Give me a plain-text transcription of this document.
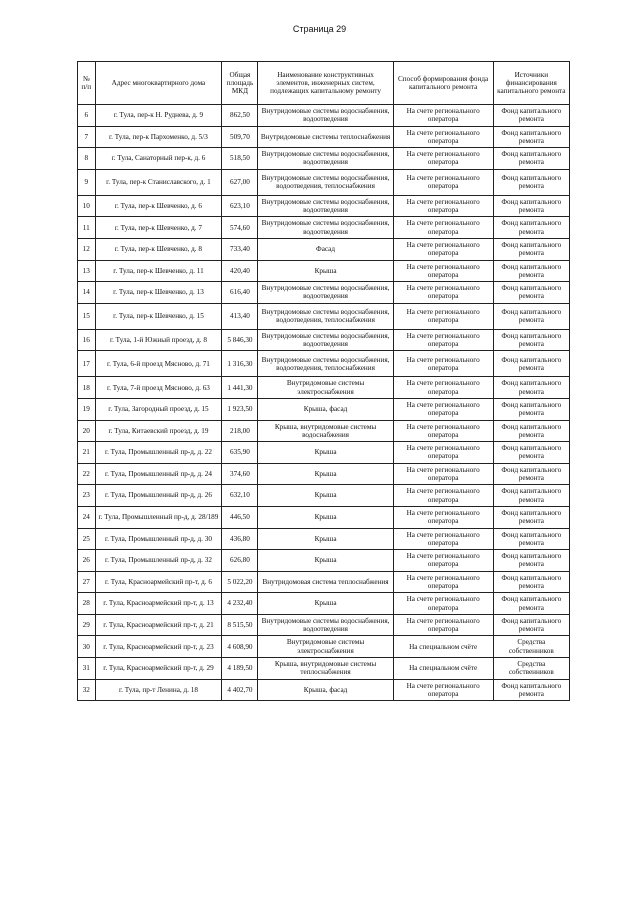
Страница 29
№ п/п	Адрес многоквартирного дома	Общая площадь МКД	Наименование конструктивных элементов, инженерных систем, подлежащих капитальному ремонту	Способ формирования фонда капитального ремонта	Источники финансирования капитального ремонта
6	г. Тула, пер-к Н. Руднева, д. 9	862,50	Внутридомовые системы водоснабжения, водоотведения	На счете регионального оператора	Фонд капитального ремонта
7	г. Тула, пер-к Пархоменко, д. 5/3	509,70	Внутридомовые системы теплоснабжения	На счете регионального оператора	Фонд капитального ремонта
8	г. Тула, Санаторный пер-к, д. 6	518,50	Внутридомовые системы водоснабжения, водоотведения	На счете регионального оператора	Фонд капитального ремонта
9	г. Тула, пер-к Станиславского, д. 1	627,00	Внутридомовые системы водоснабжения, водоотведения, теплоснабжения	На счете регионального оператора	Фонд капитального ремонта
10	г. Тула, пер-к Шевченко, д. 6	623,10	Внутридомовые системы водоснабжения, водоотведения	На счете регионального оператора	Фонд капитального ремонта
11	г. Тула, пер-к Шевченко, д. 7	574,60	Внутридомовые системы водоснабжения, водоотведения	На счете регионального оператора	Фонд капитального ремонта
12	г. Тула, пер-к Шевченко, д. 8	733,40	Фасад	На счете регионального оператора	Фонд капитального ремонта
13	г. Тула, пер-к Шевченко, д. 11	420,40	Крыша	На счете регионального оператора	Фонд капитального ремонта
14	г. Тула, пер-к Шевченко, д. 13	616,40	Внутридомовые системы водоснабжения, водоотведения	На счете регионального оператора	Фонд капитального ремонта
15	г. Тула, пер-к Шевченко, д. 15	413,40	Внутридомовые системы водоснабжения, водоотведения, теплоснабжения	На счете регионального оператора	Фонд капитального ремонта
16	г. Тула, 1-й Южный проезд, д. 8	5 846,30	Внутридомовые системы водоснабжения, водоотведения	На счете регионального оператора	Фонд капитального ремонта
17	г. Тула, 6-й проезд Мясново, д. 71	1 316,30	Внутридомовые системы водоснабжения, водоотведения, теплоснабжения	На счете регионального оператора	Фонд капитального ремонта
18	г. Тула, 7-й проезд Мясново, д. 63	1 441,30	Внутридомовые системы электроснабжения	На счете регионального оператора	Фонд капитального ремонта
19	г. Тула, Загородный проезд, д. 15	1 923,50	Крыша, фасад	На счете регионального оператора	Фонд капитального ремонта
20	г. Тула, Китаевский проезд, д. 19	218,00	Крыша, внутридомовые системы водоснабжения	На счете регионального оператора	Фонд капитального ремонта
21	г. Тула, Промышленный пр-д, д. 22	635,90	Крыша	На счете регионального оператора	Фонд капитального ремонта
22	г. Тула, Промышленный пр-д, д. 24	374,60	Крыша	На счете регионального оператора	Фонд капитального ремонта
23	г. Тула, Промышленный пр-д, д. 26	632,10	Крыша	На счете регионального оператора	Фонд капитального ремонта
24	г. Тула, Промышленный пр-д, д. 28/189	446,50	Крыша	На счете регионального оператора	Фонд капитального ремонта
25	г. Тула, Промышленный пр-д, д. 30	436,80	Крыша	На счете регионального оператора	Фонд капитального ремонта
26	г. Тула, Промышленный пр-д, д. 32	626,80	Крыша	На счете регионального оператора	Фонд капитального ремонта
27	г. Тула, Красноармейский пр-т, д. 6	5 022,20	Внутридомовая система теплоснабжения	На счете регионального оператора	Фонд капитального ремонта
28	г. Тула, Красноармейский пр-т, д. 13	4 232,40	Крыша	На счете регионального оператора	Фонд капитального ремонта
29	г. Тула, Красноармейский пр-т, д. 21	8 515,50	Внутридомовые системы водоснабжения, водоотведения	На счете регионального оператора	Фонд капитального ремонта
30	г. Тула, Красноармейский пр-т, д. 23	4 608,90	Внутридомовые системы электроснабжения	На специальном счёте	Средства собственников
31	г. Тула, Красноармейский пр-т, д. 29	4 189,50	Крыша, внутридомовые системы теплоснабжения	На специальном счёте	Средства собственников
32	г. Тула, пр-т Ленина, д. 18	4 402,70	Крыша, фасад	На счете регионального оператора	Фонд капитального ремонта
